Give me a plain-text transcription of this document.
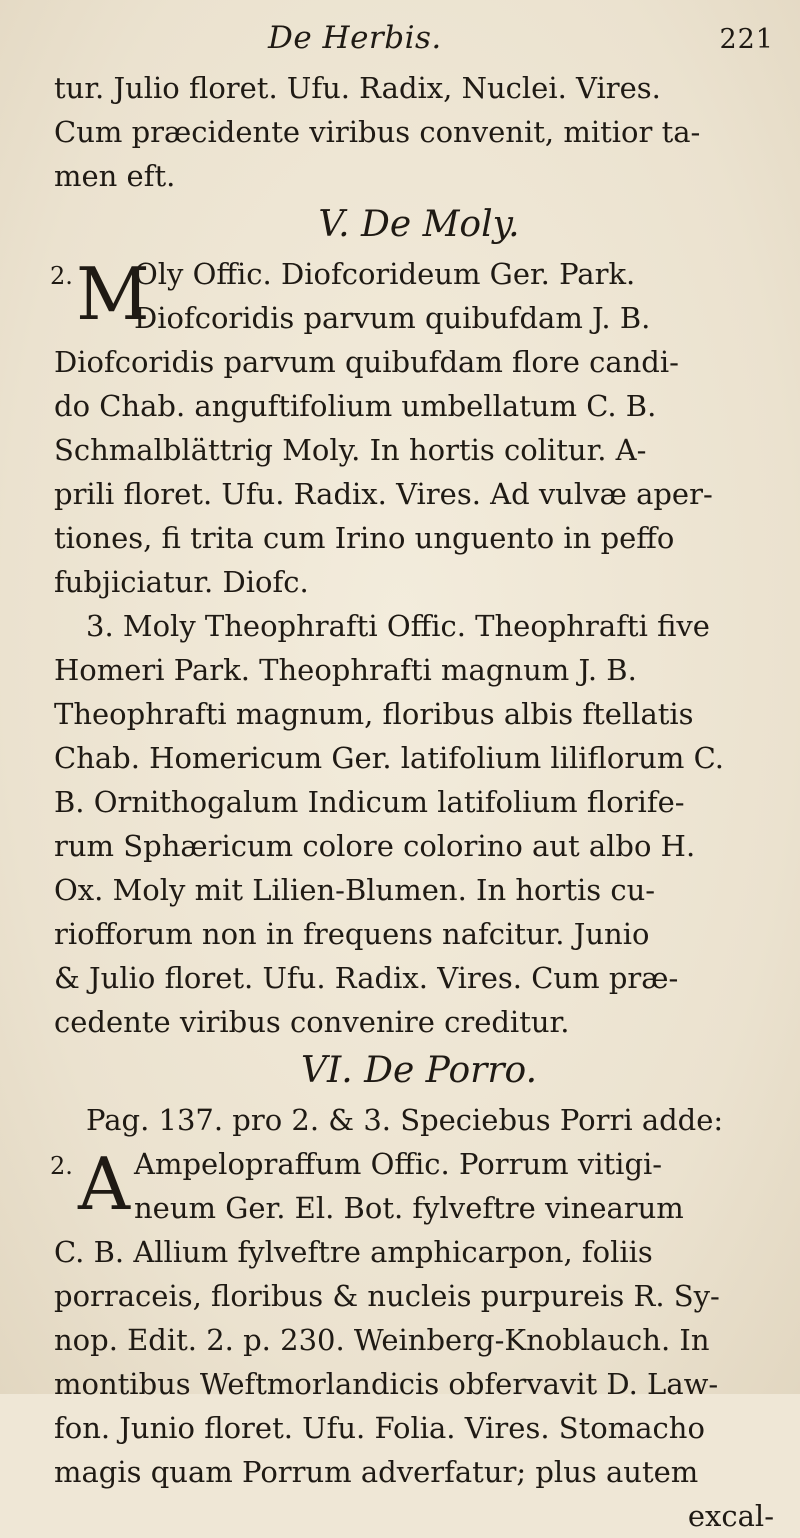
De Herbis.	221
tur. Julio floret. Ufu. Radix, Nuclei. Vires.
Cum præcidente viribus convenit, mitior ta-
men eft.
V. De Moly.
2. M
Oly Offic. Diofcorideum Ger. Park.
Diofcoridis parvum quibufdam J. B.
Diofcoridis parvum quibufdam flore candi-
do Chab. anguftifolium umbellatum C. B.
Schmalblättrig Moly. In hortis colitur. A-
prili floret. Ufu. Radix. Vires. Ad vulvæ aper-
tiones, fi trita cum Irino unguento in peffo
fubjiciatur. Diofc.
3. Moly Theophrafti Offic. Theophrafti five
Homeri Park. Theophrafti magnum J. B.
Theophrafti magnum, floribus albis ftellatis
Chab. Homericum Ger. latifolium liliflorum C.
B. Ornithogalum Indicum latifolium florife-
rum Sphæricum colore colorino aut albo H.
Ox. Moly mit Lilien-Blumen. In hortis cu-
riofforum non in frequens nafcitur. Junio
& Julio floret. Ufu. Radix. Vires. Cum præ-
cedente viribus convenire creditur.
VI. De Porro.
Pag. 137. pro 2. & 3. Speciebus Porri adde:
2. A Ampelopraffum Offic. Porrum vitigi-
neum Ger. El. Bot. fylveftre vinearum
C. B. Allium fylveftre amphicarpon, foliis
porraceis, floribus & nucleis purpureis R. Sy-
nop. Edit. 2. p. 230. Weinberg-Knoblauch. In
montibus Weftmorlandicis obfervavit D. Law-
fon. Junio floret. Ufu. Folia. Vires. Stomacho
magis quam Porrum adverfatur; plus autem
excal-
